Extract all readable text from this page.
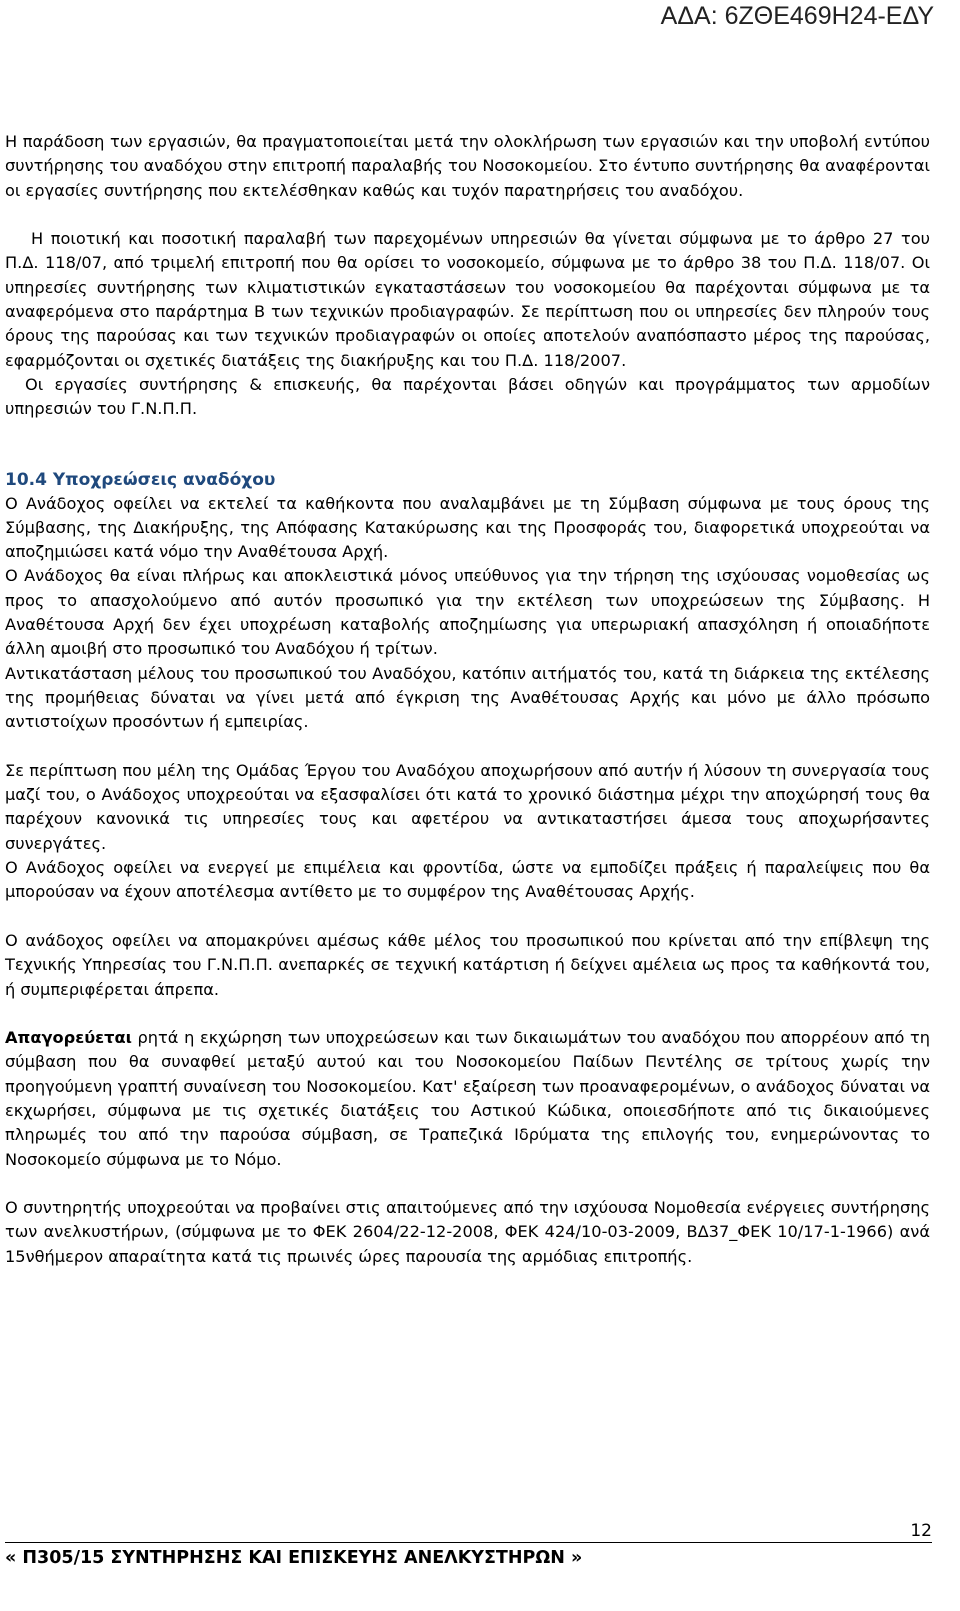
ΑΔΑ: 6ΖΘΕ469Η24-ΕΔΥ

Η παράδοση των εργασιών, θα πραγματοποιείται μετά την ολοκλήρωση των εργασιών και την υποβολή εντύπου συντήρησης του αναδόχου στην επιτροπή παραλαβής του Νοσοκομείου. Στο έντυπο συντήρησης θα αναφέρονται οι εργασίες συντήρησης που εκτελέσθηκαν καθώς και τυχόν παρατηρήσεις του αναδόχου.

Η ποιοτική και ποσοτική παραλαβή των παρεχομένων υπηρεσιών θα γίνεται σύμφωνα με το άρθρο 27 του Π.Δ. 118/07, από τριμελή επιτροπή που θα ορίσει το νοσοκομείο, σύμφωνα με το άρθρο 38 του Π.Δ. 118/07. Οι υπηρεσίες συντήρησης των κλιματιστικών εγκαταστάσεων του νοσοκομείου θα παρέχονται σύμφωνα με τα αναφερόμενα στο παράρτημα Β των τεχνικών προδιαγραφών. Σε περίπτωση που οι υπηρεσίες δεν πληρούν τους όρους της παρούσας και των τεχνικών προδιαγραφών οι οποίες αποτελούν αναπόσπαστο μέρος της παρούσας, εφαρμόζονται οι σχετικές διατάξεις της διακήρυξης και του Π.Δ. 118/2007.

Οι εργασίες συντήρησης & επισκευής, θα παρέχονται βάσει οδηγών και προγράμματος των αρμοδίων υπηρεσιών του Γ.Ν.Π.Π.

10.4 Υποχρεώσεις αναδόχου

Ο Ανάδοχος οφείλει να εκτελεί τα καθήκοντα που αναλαμβάνει με τη Σύμβαση σύμφωνα με τους όρους της Σύμβασης, της Διακήρυξης, της Απόφασης Κατακύρωσης και της Προσφοράς του, διαφορετικά υποχρεούται να αποζημιώσει κατά νόμο την Αναθέτουσα Αρχή.

Ο Ανάδοχος θα είναι πλήρως και αποκλειστικά μόνος υπεύθυνος για την τήρηση της ισχύουσας νομοθεσίας ως προς το απασχολούμενο από αυτόν προσωπικό για την εκτέλεση των υποχρεώσεων της Σύμβασης. Η Αναθέτουσα Αρχή δεν έχει υποχρέωση καταβολής αποζημίωσης για υπερωριακή απασχόληση ή οποιαδήποτε άλλη αμοιβή στο προσωπικό του Αναδόχου ή τρίτων.

Αντικατάσταση μέλους του προσωπικού του Αναδόχου, κατόπιν αιτήματός του, κατά τη διάρκεια της εκτέλεσης της προμήθειας δύναται να γίνει μετά από έγκριση της Αναθέτουσας Αρχής και μόνο με άλλο πρόσωπο αντιστοίχων προσόντων ή εμπειρίας.

Σε περίπτωση που μέλη της Ομάδας Έργου του Αναδόχου αποχωρήσουν από αυτήν ή λύσουν τη συνεργασία τους μαζί του, ο Ανάδοχος υποχρεούται να εξασφαλίσει ότι κατά το χρονικό διάστημα μέχρι την αποχώρησή τους θα παρέχουν κανονικά τις υπηρεσίες τους και αφετέρου να αντικαταστήσει άμεσα τους αποχωρήσαντες συνεργάτες.

Ο Ανάδοχος οφείλει να ενεργεί με επιμέλεια και φροντίδα, ώστε να εμποδίζει πράξεις ή παραλείψεις που θα μπορούσαν να έχουν αποτέλεσμα αντίθετο με το συμφέρον της Αναθέτουσας Αρχής.

Ο ανάδοχος οφείλει να απομακρύνει αμέσως κάθε μέλος του προσωπικού που κρίνεται από την επίβλεψη της Τεχνικής Υπηρεσίας του Γ.Ν.Π.Π. ανεπαρκές σε τεχνική κατάρτιση ή δείχνει αμέλεια ως προς τα καθήκοντά του, ή συμπεριφέρεται άπρεπα.

Απαγορεύεται ρητά η εκχώρηση των υποχρεώσεων και των δικαιωμάτων του αναδόχου που απορρέουν από τη σύμβαση που θα συναφθεί μεταξύ αυτού και του Νοσοκομείου Παίδων Πεντέλης σε τρίτους χωρίς την προηγούμενη γραπτή συναίνεση του Νοσοκομείου. Κατ' εξαίρεση των προαναφερομένων, ο ανάδοχος δύναται να εκχωρήσει, σύμφωνα με τις σχετικές διατάξεις του Αστικού Κώδικα, οποιεσδήποτε από τις δικαιούμενες πληρωμές του από την παρούσα σύμβαση, σε Τραπεζικά Ιδρύματα της επιλογής του, ενημερώνοντας το Νοσοκομείο σύμφωνα με το Νόμο.

Ο συντηρητής υποχρεούται να προβαίνει στις απαιτούμενες από την ισχύουσα Νομοθεσία ενέργειες συντήρησης των ανελκυστήρων, (σύμφωνα με το ΦΕΚ 2604/22-12-2008, ΦΕΚ 424/10-03-2009, ΒΔ37_ΦΕΚ 10/17-1-1966) ανά 15νθήμερον απαραίτητα κατά τις πρωινές ώρες παρουσία της αρμόδιας επιτροπής.

12
« Π305/15 ΣΥΝΤΗΡΗΣΗΣ ΚΑΙ ΕΠΙΣΚΕΥΗΣ ΑΝΕΛΚΥΣΤΗΡΩΝ »
